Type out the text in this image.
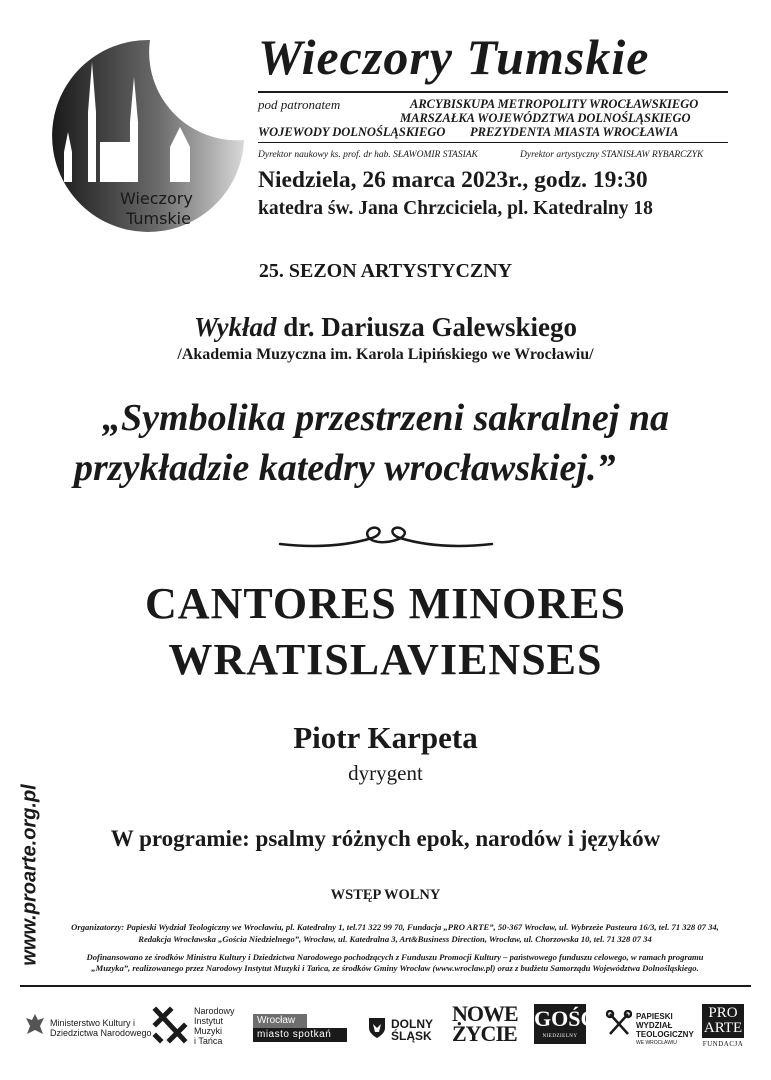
Wieczory
Tumskie
Wieczory Tumskie
pod patronatem	ARCYBISKUPA METROPOLITY WROCŁAWSKIEGO
MARSZAŁKA WOJEWÓDZTWA DOLNOŚLĄSKIEGO
WOJEWODY DOLNOŚLĄSKIEGO PREZYDENTA MIASTA WROCŁAWIA
Dyrektor naukowy ks. prof. dr hab. SŁAWOMIR STASIAK	Dyrektor artystyczny STANISŁAW RYBARCZYK
Niedziela, 26 marca 2023r., godz. 19:30
katedra św. Jana Chrzciciela, pl. Katedralny 18
25. SEZON ARTYSTYCZNY
Wykład dr. Dariusza Galewskiego
/Akademia Muzyczna im. Karola Lipińskiego we Wrocławiu/
„Symbolika przestrzeni sakralnej na
przykładzie katedry wrocławskiej.”
CANTORES MINORES
WRATISLAVIENSES
Piotr Karpeta
dyrygent
W programie: psalmy różnych epok, narodów i języków
WSTĘP WOLNY
Organizatorzy: Papieski Wydział Teologiczny we Wrocławiu, pl. Katedralny 1, tel.71 322 99 70, Fundacja „PRO ARTE”, 50-367 Wrocław, ul. Wybrzeże Pasteura 16/3, tel. 71 328 07 34,
Redakcja Wrocławska „Gościa Niedzielnego”, Wrocław, ul. Katedralna 3, Art&Business Direction, Wrocław, ul. Chorzowska 10, tel. 71 328 07 34
Dofinansowano ze środków Ministra Kultury i Dziedzictwa Narodowego pochodzących z Funduszu Promocji Kultury – państwowego funduszu celowego, w ramach programu
„Muzyka”, realizowanego przez Narodowy Instytut Muzyki i Tańca, ze środków Gminy Wrocław (www.wroclaw.pl) oraz z budżetu Samorządu Województwa Dolnośląskiego.
www.proarte.org.pl
Ministerstwo Kultury i Dziedzictwa Narodowego
Narodowy
Instytut
Muzyki
i Tańca
Wrocław
miasto spotkań
DOLNY
ŚLĄSK
NOWE
ŻYCIE
GOŚĆ
NIEDZIELNY
PAPIESKI
WYDZIAŁ
TEOLOGICZNY
WE WROCŁAWIU
PRO
ARTE
FUNDACJA
